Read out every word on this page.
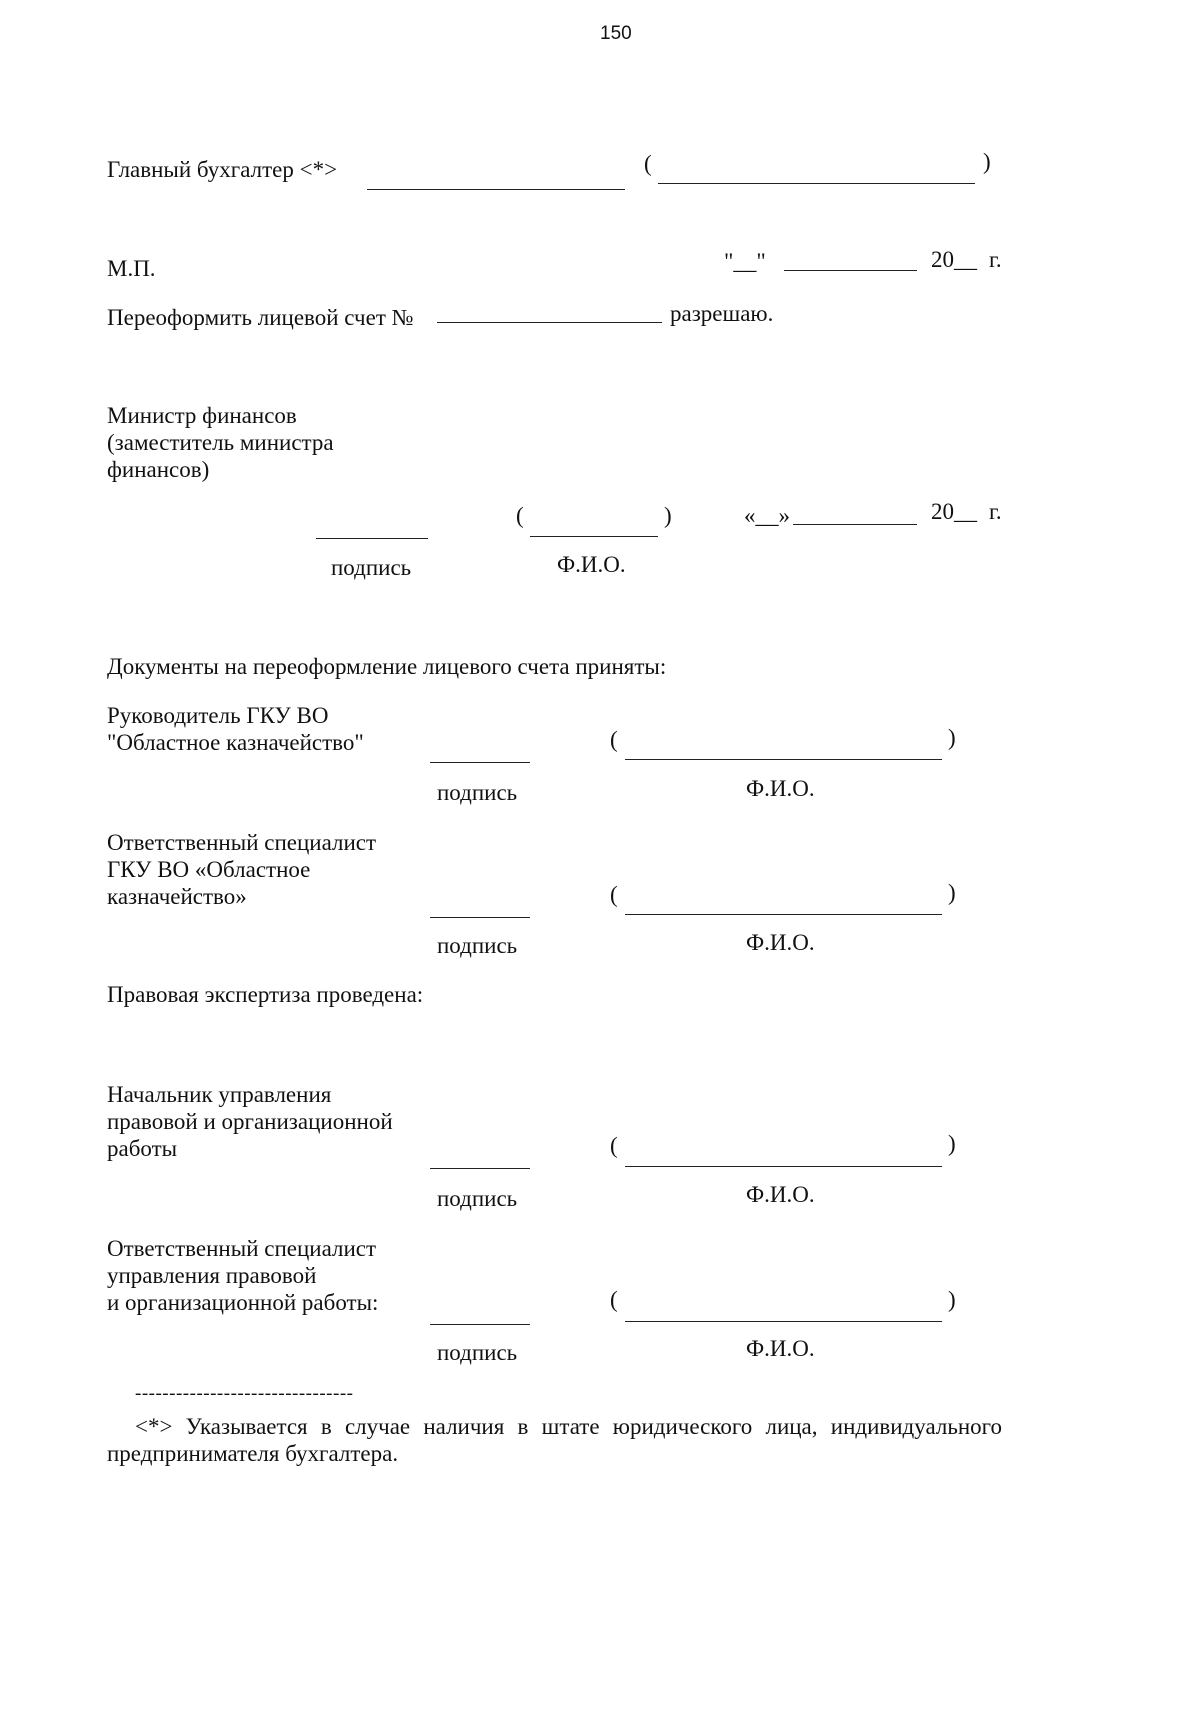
150
Главный бухгалтер <*>	(	)
М.П.	"__"	20__ г.
Переоформить лицевой счет №	разрешаю.
Министр финансов
(заместитель министра
финансов)
(	)	«__»	20__ г.
подпись	Ф.И.О.
Документы на переоформление лицевого счета приняты:
Руководитель ГКУ ВО
"Областное казначейство"	(	)
подпись	Ф.И.О.
Ответственный специалист
ГКУ ВО «Областное
казначейство»	(	)
подпись	Ф.И.О.
Правовая экспертиза проведена:
Начальник управления
правовой и организационной
работы	(	)
подпись	Ф.И.О.
Ответственный специалист
управления правовой
и организационной работы:	(	)
подпись	Ф.И.О.
--------------------------------
<*> Указывается в случае наличия в штате юридического лица, индивидуального предпринимателя бухгалтера.
